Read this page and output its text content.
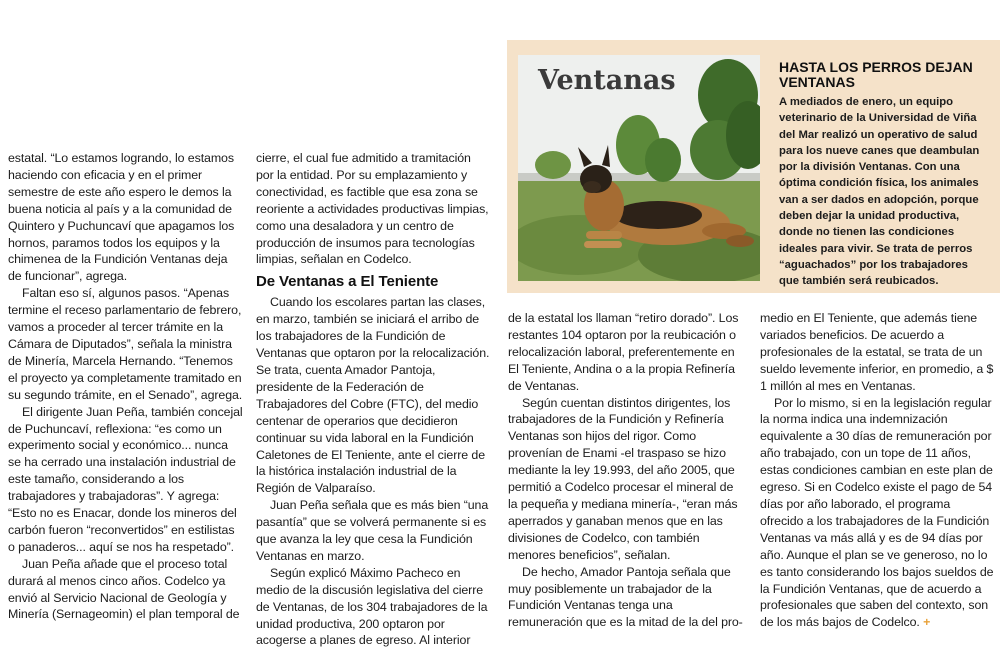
estatal. “Lo estamos logrando, lo estamos haciendo con eficacia y en el primer semestre de este año espero le demos la buena noticia al país y a la comunidad de Quintero y Puchuncaví que apagamos los hornos, paramos todos los equipos y la chimenea de la Fundición Ventanas deja de funcionar”, agrega.

Faltan eso sí, algunos pasos. “Apenas termine el receso parlamentario de febrero, vamos a proceder al tercer trámite en la Cámara de Diputados”, señala la ministra de Minería, Marcela Hernando. “Tenemos el proyecto ya completamente tramitado en su segundo trámite, en el Senado”, agrega.

El dirigente Juan Peña, también concejal de Puchuncaví, reflexiona: “es como un experimento social y económico... nunca se ha cerrado una instalación industrial de este tamaño, considerando a los trabajadores y trabajadoras”. Y agrega: “Esto no es Enacar, donde los mineros del carbón fueron “reconvertidos” en estilistas o panaderos... aquí se nos ha respetado”.

Juan Peña añade que el proceso total durará al menos cinco años. Codelco ya envió al Servicio Nacional de Geología y Minería (Sernageomin) el plan temporal de

cierre, el cual fue admitido a tramitación por la entidad. Por su emplazamiento y conectividad, es factible que esa zona se reoriente a actividades productivas limpias, como una desaladora y un centro de producción de insumos para tecnologías limpias, señalan en Codelco.

De Ventanas a El Teniente

Cuando los escolares partan las clases, en marzo, también se iniciará el arribo de los trabajadores de la Fundición de Ventanas que optaron por la relocalización. Se trata, cuenta Amador Pantoja, presidente de la Federación de Trabajadores del Cobre (FTC), del medio centenar de operarios que decidieron continuar su vida laboral en la Fundición Caletones de El Teniente, ante el cierre de la histórica instalación industrial de la Región de Valparaíso.

Juan Peña señala que es más bien “una pasantía” que se volverá permanente si es que avanza la ley que cesa la Fundición Ventanas en marzo.

Según explicó Máximo Pacheco en medio de la discusión legislativa del cierre de Ventanas, de los 304 trabajadores de la unidad productiva, 200 optaron por acogerse a planes de egreso. Al interior

Ventanas	HASTA LOS PERROS DEJAN VENTANAS
A mediados de enero, un equipo veterinario de la Universidad de Viña del Mar realizó un operativo de salud para los nueve canes que deambulan por la división Ventanas. Con una óptima condición física, los animales van a ser dados en adopción, porque deben dejar la unidad productiva, donde no tienen las condiciones ideales para vivir. Se trata de perros “aguachados” por los trabajadores que también será reubicados.

de la estatal los llaman “retiro dorado”. Los restantes 104 optaron por la reubicación o relocalización laboral, preferentemente en El Teniente, Andina o a la propia Refinería de Ventanas.

Según cuentan distintos dirigentes, los trabajadores de la Fundición y Refinería Ventanas son hijos del rigor. Como provenían de Enami -el traspaso se hizo mediante la ley 19.993, del año 2005, que permitió a Codelco procesar el mineral de la pequeña y mediana minería-, “eran más aperrados y ganaban menos que en las divisiones de Codelco, con también menores beneficios”, señalan.

De hecho, Amador Pantoja señala que muy posiblemente un trabajador de la Fundición Ventanas tenga una remuneración que es la mitad de la del pro-

medio en El Teniente, que además tiene variados beneficios. De acuerdo a profesionales de la estatal, se trata de un sueldo levemente inferior, en promedio, a $ 1 millón al mes en Ventanas.

Por lo mismo, si en la legislación regular la norma indica una indemnización equivalente a 30 días de remuneración por año trabajado, con un tope de 11 años, estas condiciones cambian en este plan de egreso. Si en Codelco existe el pago de 54 días por año laborado, el programa ofrecido a los trabajadores de la Fundición Ventanas va más allá y es de 94 días por año. Aunque el plan se ve generoso, no lo es tanto considerando los bajos sueldos de la Fundición Ventanas, que de acuerdo a profesionales que saben del contexto, son de los más bajos de Codelco. +
